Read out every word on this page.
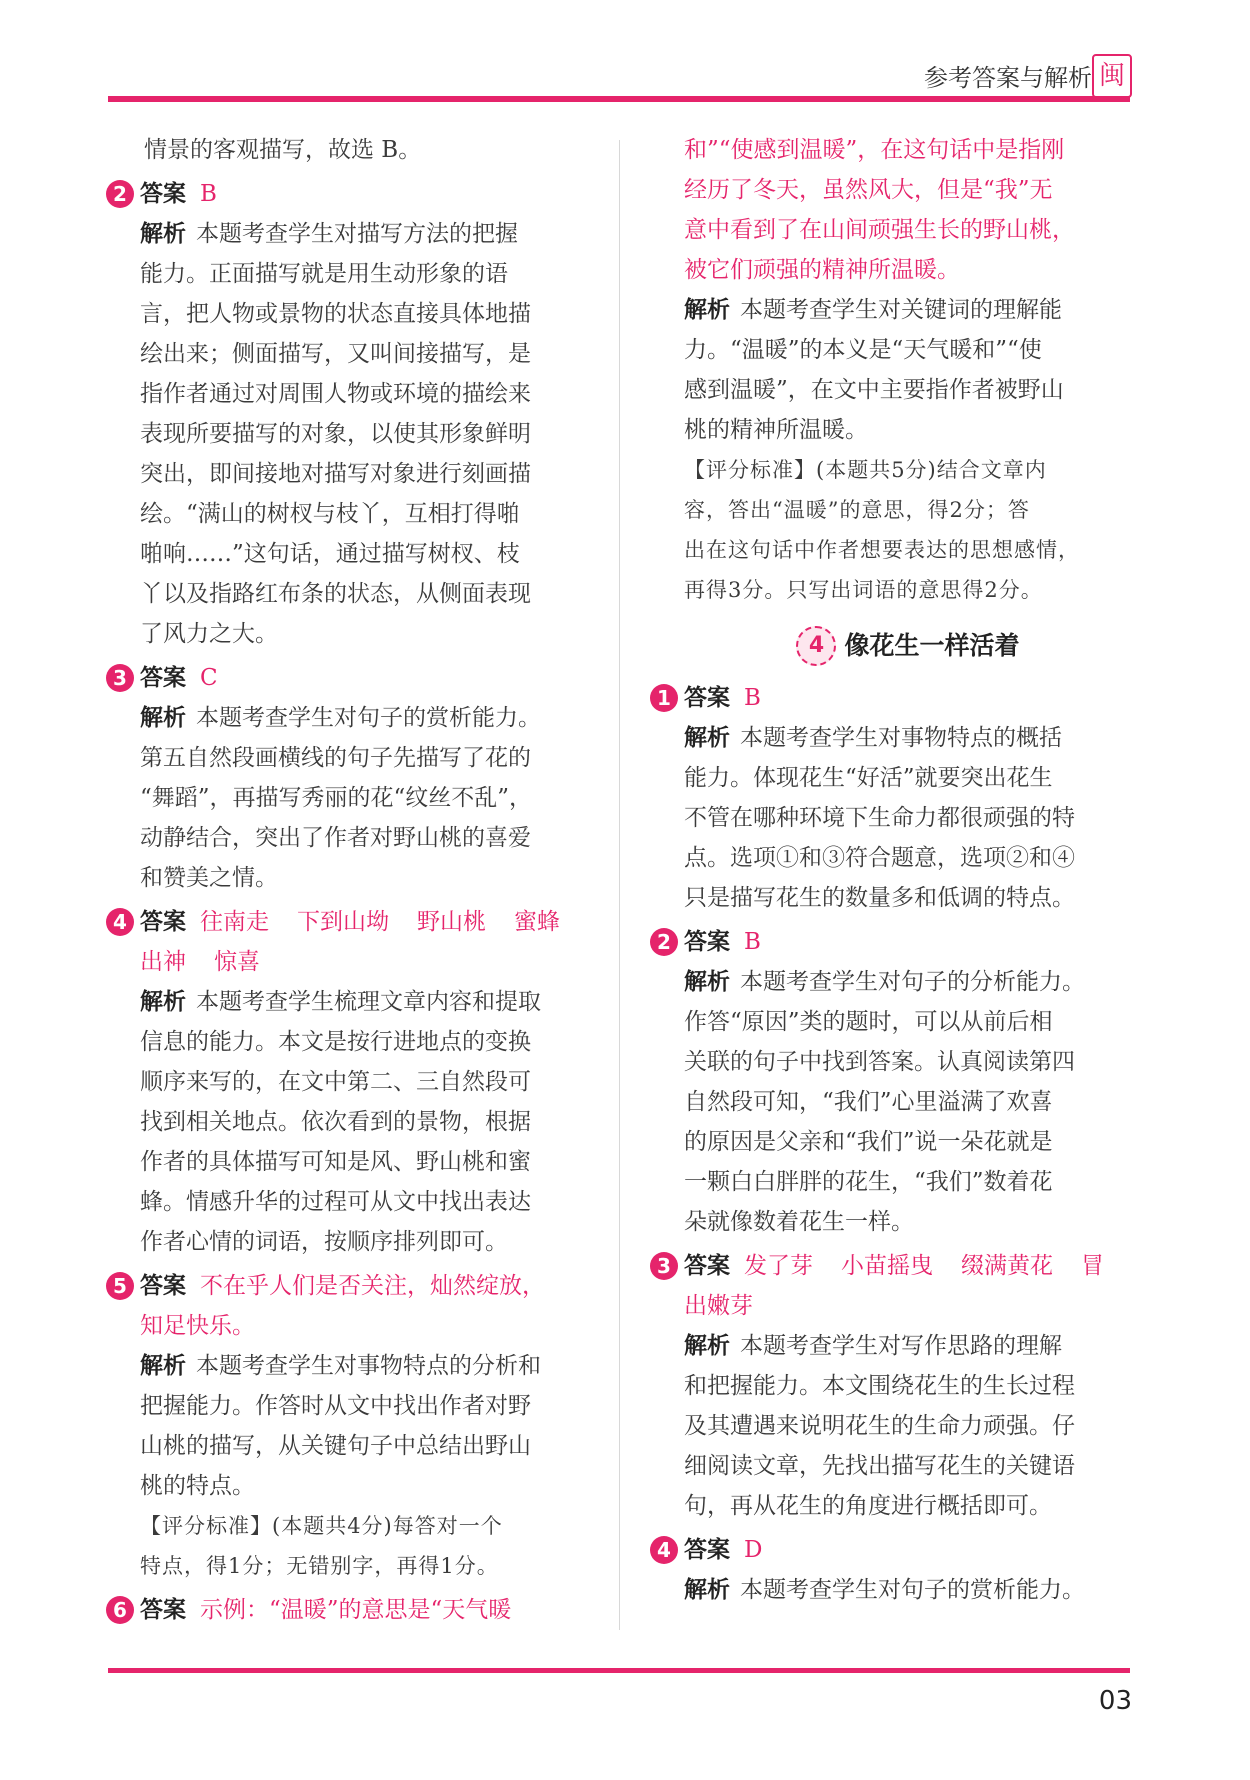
参考答案与解析 闽
情景的客观描写，故选 B。
2 答案 B
解析 本题考查学生对描写方法的把握
能力。正面描写就是用生动形象的语
言，把人物或景物的状态直接具体地描
绘出来；侧面描写，又叫间接描写，是
指作者通过对周围人物或环境的描绘来
表现所要描写的对象，以使其形象鲜明
突出，即间接地对描写对象进行刻画描
绘。“满山的树杈与枝丫，互相打得啪
啪响……”这句话，通过描写树杈、枝
丫以及指路红布条的状态，从侧面表现
了风力之大。
3 答案 C
解析 本题考查学生对句子的赏析能力。
第五自然段画横线的句子先描写了花的
“舞蹈”，再描写秀丽的花“纹丝不乱”，
动静结合，突出了作者对野山桃的喜爱
和赞美之情。
4 答案 往南走 下到山坳 野山桃 蜜蜂
出神 惊喜
解析 本题考查学生梳理文章内容和提取
信息的能力。本文是按行进地点的变换
顺序来写的，在文中第二、三自然段可
找到相关地点。依次看到的景物，根据
作者的具体描写可知是风、野山桃和蜜
蜂。情感升华的过程可从文中找出表达
作者心情的词语，按顺序排列即可。
5 答案 不在乎人们是否关注，灿然绽放，
知足快乐。
解析 本题考查学生对事物特点的分析和
把握能力。作答时从文中找出作者对野
山桃的描写，从关键句子中总结出野山
桃的特点。
【评分标准】(本题共4分)每答对一个
特点，得1分；无错别字，再得1分。
6 答案 示例：“温暖”的意思是“天气暖
和”“使感到温暖”，在这句话中是指刚
经历了冬天，虽然风大，但是“我”无
意中看到了在山间顽强生长的野山桃，
被它们顽强的精神所温暖。
解析 本题考查学生对关键词的理解能
力。“温暖”的本义是“天气暖和”“使
感到温暖”，在文中主要指作者被野山
桃的精神所温暖。
【评分标准】(本题共5分)结合文章内
容，答出“温暖”的意思，得2分；答
出在这句话中作者想要表达的思想感情，
再得3分。只写出词语的意思得2分。
4 像花生一样活着
1 答案 B
解析 本题考查学生对事物特点的概括
能力。体现花生“好活”就要突出花生
不管在哪种环境下生命力都很顽强的特
点。选项①和③符合题意，选项②和④
只是描写花生的数量多和低调的特点。
2 答案 B
解析 本题考查学生对句子的分析能力。
作答“原因”类的题时，可以从前后相
关联的句子中找到答案。认真阅读第四
自然段可知，“我们”心里溢满了欢喜
的原因是父亲和“我们”说一朵花就是
一颗白白胖胖的花生，“我们”数着花
朵就像数着花生一样。
3 答案 发了芽 小苗摇曳 缀满黄花 冒
出嫩芽
解析 本题考查学生对写作思路的理解
和把握能力。本文围绕花生的生长过程
及其遭遇来说明花生的生命力顽强。仔
细阅读文章，先找出描写花生的关键语
句，再从花生的角度进行概括即可。
4 答案 D
解析 本题考查学生对句子的赏析能力。
03
